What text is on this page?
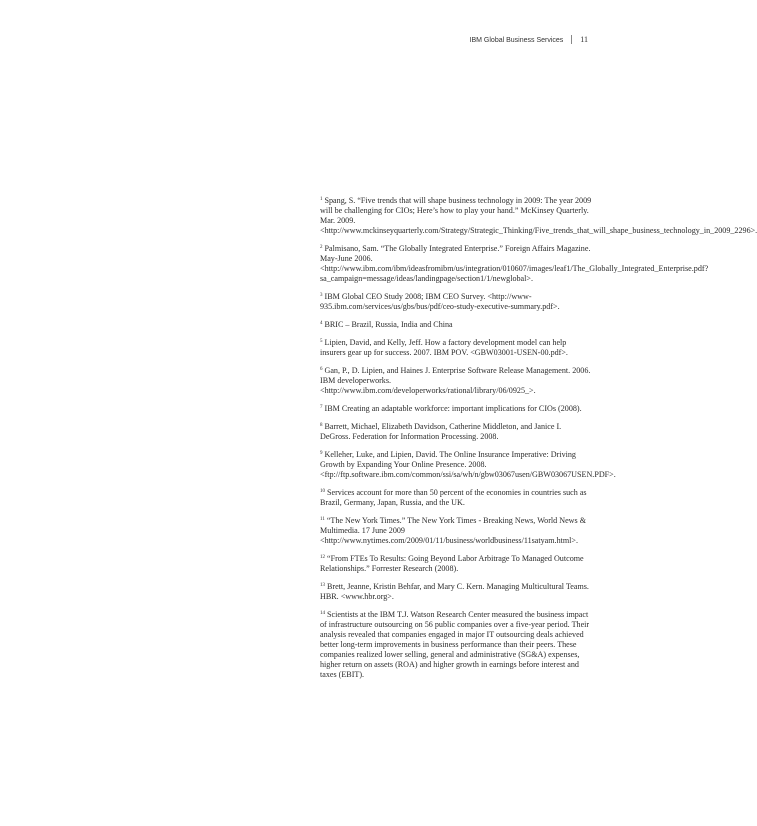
IBM Global Business Services 11

$^1$ Spang, S. “Five trends that will shape business technology in 2009: The year 2009 will be challenging for CIOs; Here’s how to play your hand.” McKinsey Quarterly. Mar. 2009. <http://www.mckinseyquarterly.com/Strategy/Strategic_Thinking/Five_trends_that_will_shape_business_technology_in_2009_2296>.

$^2$ Palmisano, Sam. “The Globally Integrated Enterprise.” Foreign Affairs Magazine. May-June 2006. <http://www.ibm.com/ibm/ideasfromibm/us/integration/010607/images/leaf1/The_Globally_Integrated_Enterprise.pdf?sa_campaign=message/ideas/landingpage/section1/1/newglobal>.

$^3$ IBM Global CEO Study 2008; IBM CEO Survey. <http://www-935.ibm.com/services/us/gbs/bus/pdf/ceo-study-executive-summary.pdf>.

$^4$ BRIC – Brazil, Russia, India and China

$^5$ Lipien, David, and Kelly, Jeff. How a factory development model can help insurers gear up for success. 2007. IBM POV. <GBW03001-USEN-00.pdf>.

$^6$ Gan, P., D. Lipien, and Haines J. Enterprise Software Release Management. 2006. IBM developerworks. <http://www.ibm.com/developerworks/rational/library/06/0925_>.

$^7$ IBM Creating an adaptable workforce: important implications for CIOs (2008).

$^8$ Barrett, Michael, Elizabeth Davidson, Catherine Middleton, and Janice I. DeGross. Federation for Information Processing. 2008.

$^9$ Kelleher, Luke, and Lipien, David. The Online Insurance Imperative: Driving Growth by Expanding Your Online Presence. 2008. <ftp://ftp.software.ibm.com/common/ssi/sa/wh/n/gbw03067usen/GBW03067USEN.PDF>.

$^{10}$ Services account for more than 50 percent of the economies in countries such as Brazil, Germany, Japan, Russia, and the UK.

$^{11}$ “The New York Times.” The New York Times - Breaking News, World News & Multimedia. 17 June 2009 <http://www.nytimes.com/2009/01/11/business/worldbusiness/11satyam.html>.

$^{12}$ “From FTEs To Results: Going Beyond Labor Arbitrage To Managed Outcome Relationships.” Forrester Research (2008).

$^{13}$ Brett, Jeanne, Kristin Behfar, and Mary C. Kern. Managing Multicultural Teams. HBR. <www.hbr.org>.

$^{14}$ Scientists at the IBM T.J. Watson Research Center measured the business impact of infrastructure outsourcing on 56 public companies over a five-year period. Their analysis revealed that companies engaged in major IT outsourcing deals achieved better long-term improvements in business performance than their peers. These companies realized lower selling, general and administrative (SG&A) expenses, higher return on assets (ROA) and higher growth in earnings before interest and taxes (EBIT).
